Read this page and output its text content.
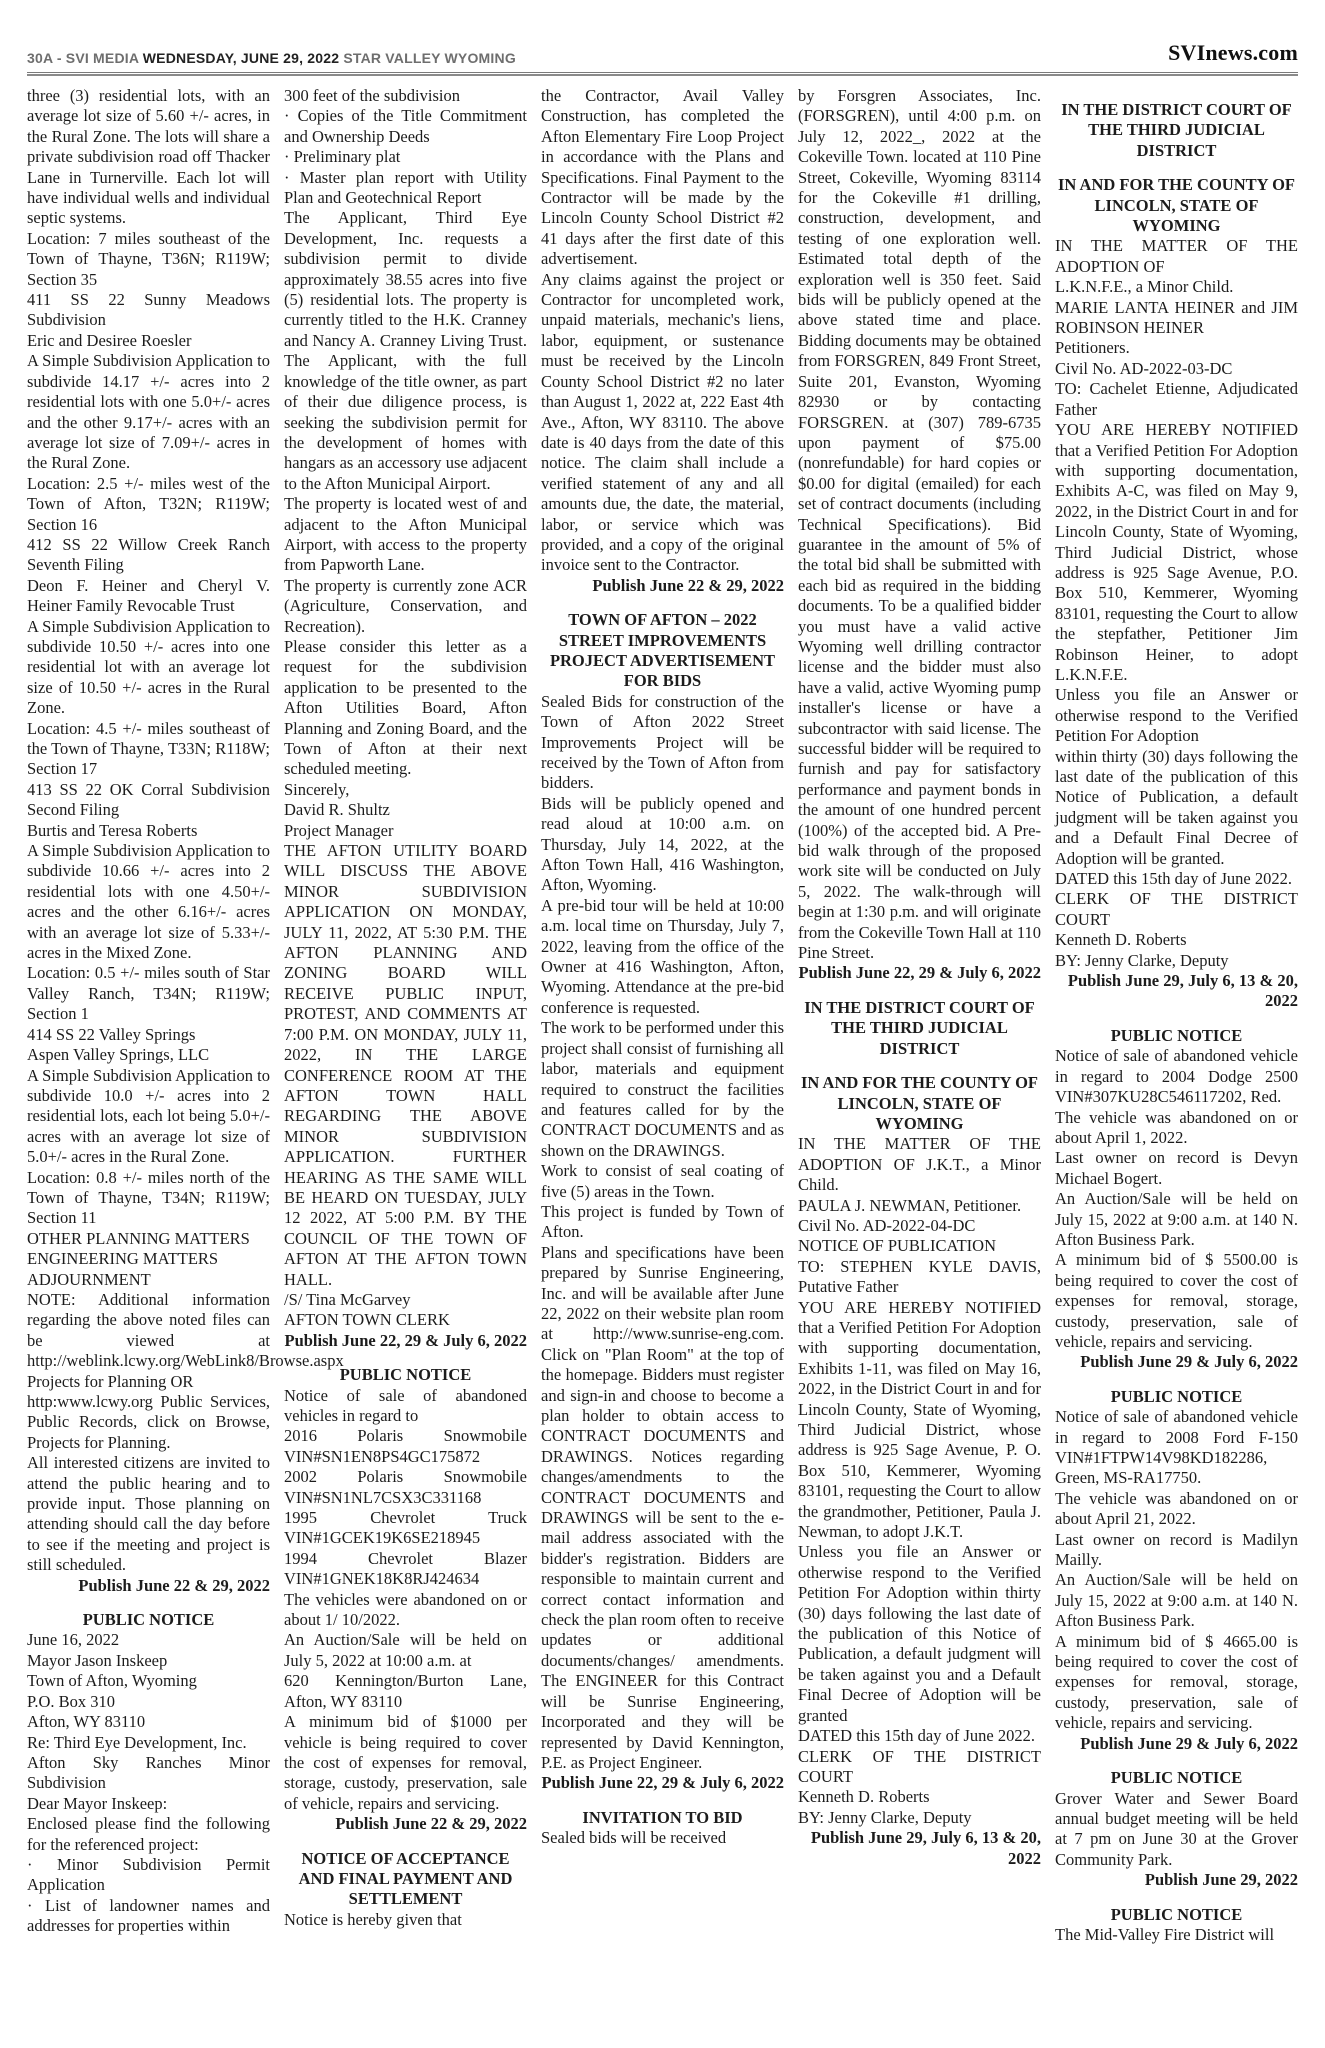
30A - SVI MEDIA WEDNESDAY, JUNE 29, 2022 STAR VALLEY WYOMING	SVInews.com

three (3) residential lots, with an average lot size of 5.60 +/- acres, in the Rural Zone. The lots will share a private subdivision road off Thacker Lane in Turnerville. Each lot will have individual wells and individual septic systems.

Location: 7 miles southeast of the Town of Thayne, T36N; R119W; Section 35

411 SS 22 Sunny Meadows Subdivision

Eric and Desiree Roesler

A Simple Subdivision Application to subdivide 14.17 +/- acres into 2 residential lots with one 5.0+/- acres and the other 9.17+/- acres with an average lot size of 7.09+/- acres in the Rural Zone.

Location: 2.5 +/- miles west of the Town of Afton, T32N; R119W; Section 16

412 SS 22 Willow Creek Ranch Seventh Filing

Deon F. Heiner and Cheryl V. Heiner Family Revocable Trust

A Simple Subdivision Application to subdivide 10.50 +/- acres into one residential lot with an average lot size of 10.50 +/- acres in the Rural Zone.

Location: 4.5 +/- miles southeast of the Town of Thayne, T33N; R118W; Section 17

413 SS 22 OK Corral Subdivision Second Filing

Burtis and Teresa Roberts

A Simple Subdivision Application to subdivide 10.66 +/- acres into 2 residential lots with one 4.50+/- acres and the other 6.16+/- acres with an average lot size of 5.33+/- acres in the Mixed Zone.

Location: 0.5 +/- miles south of Star Valley Ranch, T34N; R119W; Section 1

414 SS 22 Valley Springs

Aspen Valley Springs, LLC

A Simple Subdivision Application to subdivide 10.0 +/- acres into 2 residential lots, each lot being 5.0+/- acres with an average lot size of 5.0+/- acres in the Rural Zone.

Location: 0.8 +/- miles north of the Town of Thayne, T34N; R119W; Section 11

OTHER PLANNING MATTERS

ENGINEERING MATTERS

ADJOURNMENT

NOTE: Additional information regarding the above noted files can be viewed at http://weblink.lcwy.org/WebLink8/Browse.aspx Projects for Planning OR

http:www.lcwy.org Public Services, Public Records, click on Browse, Projects for Planning.

All interested citizens are invited to attend the public hearing and to provide input. Those planning on attending should call the day before to see if the meeting and project is still scheduled.

Publish June 22 & 29, 2022

PUBLIC NOTICE

June 16, 2022

Mayor Jason Inskeep

Town of Afton, Wyoming

P.O. Box 310

Afton, WY 83110

Re: Third Eye Development, Inc.

Afton Sky Ranches Minor Subdivision

Dear Mayor Inskeep:

Enclosed please find the following for the referenced project:

· Minor Subdivision Permit Application

· List of landowner names and addresses for properties within

300 feet of the subdivision

· Copies of the Title Commitment and Ownership Deeds

· Preliminary plat

· Master plan report with Utility Plan and Geotechnical Report

The Applicant, Third Eye Development, Inc. requests a subdivision permit to divide approximately 38.55 acres into five (5) residential lots. The property is currently titled to the H.K. Cranney and Nancy A. Cranney Living Trust. The Applicant, with the full knowledge of the title owner, as part of their due diligence process, is seeking the subdivision permit for the development of homes with hangars as an accessory use adjacent to the Afton Municipal Airport.

The property is located west of and adjacent to the Afton Municipal Airport, with access to the property from Papworth Lane.

The property is currently zone ACR (Agriculture, Conservation, and Recreation).

Please consider this letter as a request for the subdivision application to be presented to the Afton Utilities Board, Afton Planning and Zoning Board, and the Town of Afton at their next scheduled meeting.

Sincerely,

David R. Shultz

Project Manager

THE AFTON UTILITY BOARD WILL DISCUSS THE ABOVE MINOR SUBDIVISION APPLICATION ON MONDAY, JULY 11, 2022, AT 5:30 P.M. THE AFTON PLANNING AND ZONING BOARD WILL RECEIVE PUBLIC INPUT, PROTEST, AND COMMENTS AT 7:00 P.M. ON MONDAY, JULY 11, 2022, IN THE LARGE CONFERENCE ROOM AT THE AFTON TOWN HALL REGARDING THE ABOVE MINOR SUBDIVISION APPLICATION. FURTHER HEARING AS THE SAME WILL BE HEARD ON TUESDAY, JULY 12 2022, AT 5:00 P.M. BY THE COUNCIL OF THE TOWN OF AFTON AT THE AFTON TOWN HALL.

/S/ Tina McGarvey

AFTON TOWN CLERK

Publish June 22, 29 & July 6, 2022

PUBLIC NOTICE

Notice of sale of abandoned vehicles in regard to

2016 Polaris Snowmobile VIN#SN1EN8PS4GC175872

2002 Polaris Snowmobile VIN#SN1NL7CSX3C331168

1995 Chevrolet Truck VIN#1GCEK19K6SE218945

1994 Chevrolet Blazer VIN#1GNEK18K8RJ424634

The vehicles were abandoned on or about 1/ 10/2022.

An Auction/Sale will be held on July 5, 2022 at 10:00 a.m. at

620 Kennington/Burton Lane, Afton, WY 83110

A minimum bid of $1000 per vehicle is being required to cover the cost of expenses for removal, storage, custody, preservation, sale of vehicle, repairs and servicing.

Publish June 22 & 29, 2022

NOTICE OF ACCEPTANCE AND FINAL PAYMENT AND SETTLEMENT

Notice is hereby given that

the Contractor, Avail Valley Construction, has completed the Afton Elementary Fire Loop Project in accordance with the Plans and Specifications. Final Payment to the Contractor will be made by the Lincoln County School District #2 41 days after the first date of this advertisement.

Any claims against the project or Contractor for uncompleted work, unpaid materials, mechanic's liens, labor, equipment, or sustenance must be received by the Lincoln County School District #2 no later than August 1, 2022 at, 222 East 4th Ave., Afton, WY 83110. The above date is 40 days from the date of this notice. The claim shall include a verified statement of any and all amounts due, the date, the material, labor, or service which was provided, and a copy of the original invoice sent to the Contractor.

Publish June 22 & 29, 2022

TOWN OF AFTON – 2022 STREET IMPROVEMENTS PROJECT ADVERTISEMENT FOR BIDS

Sealed Bids for construction of the Town of Afton 2022 Street Improvements Project will be received by the Town of Afton from bidders.

Bids will be publicly opened and read aloud at 10:00 a.m. on Thursday, July 14, 2022, at the Afton Town Hall, 416 Washington, Afton, Wyoming.

A pre-bid tour will be held at 10:00 a.m. local time on Thursday, July 7, 2022, leaving from the office of the Owner at 416 Washington, Afton, Wyoming. Attendance at the pre-bid conference is requested.

The work to be performed under this project shall consist of furnishing all labor, materials and equipment required to construct the facilities and features called for by the CONTRACT DOCUMENTS and as shown on the DRAWINGS.

Work to consist of seal coating of five (5) areas in the Town.

This project is funded by Town of Afton.

Plans and specifications have been prepared by Sunrise Engineering, Inc. and will be available after June 22, 2022 on their website plan room at http://www.sunrise-eng.com. Click on "Plan Room" at the top of the homepage. Bidders must register and sign-in and choose to become a plan holder to obtain access to CONTRACT DOCUMENTS and DRAWINGS. Notices regarding changes/amendments to the CONTRACT DOCUMENTS and DRAWINGS will be sent to the e-mail address associated with the bidder's registration. Bidders are responsible to maintain current and correct contact information and check the plan room often to receive updates or additional documents/changes/ amendments. The ENGINEER for this Contract will be Sunrise Engineering, Incorporated and they will be represented by David Kennington, P.E. as Project Engineer.

Publish June 22, 29 & July 6, 2022

INVITATION TO BID

Sealed bids will be received

by Forsgren Associates, Inc. (FORSGREN), until 4:00 p.m. on July 12, 2022_, 2022 at the Cokeville Town. located at 110 Pine Street, Cokeville, Wyoming 83114 for the Cokeville #1 drilling, construction, development, and testing of one exploration well. Estimated total depth of the exploration well is 350 feet. Said bids will be publicly opened at the above stated time and place. Bidding documents may be obtained from FORSGREN, 849 Front Street, Suite 201, Evanston, Wyoming 82930 or by contacting FORSGREN. at (307) 789-6735 upon payment of $75.00 (nonrefundable) for hard copies or $0.00 for digital (emailed) for each set of contract documents (including Technical Specifications). Bid guarantee in the amount of 5% of the total bid shall be submitted with each bid as required in the bidding documents. To be a qualified bidder you must have a valid active Wyoming well drilling contractor license and the bidder must also have a valid, active Wyoming pump installer's license or have a subcontractor with said license. The successful bidder will be required to furnish and pay for satisfactory performance and payment bonds in the amount of one hundred percent (100%) of the accepted bid. A Pre-bid walk through of the proposed work site will be conducted on July 5, 2022. The walk-through will begin at 1:30 p.m. and will originate from the Cokeville Town Hall at 110 Pine Street.

Publish June 22, 29 & July 6, 2022

IN THE DISTRICT COURT OF THE THIRD JUDICIAL DISTRICT

IN AND FOR THE COUNTY OF LINCOLN, STATE OF WYOMING

IN THE MATTER OF THE ADOPTION OF J.K.T., a Minor Child.

PAULA J. NEWMAN, Petitioner.

Civil No. AD-2022-04-DC

NOTICE OF PUBLICATION

TO: STEPHEN KYLE DAVIS, Putative Father

YOU ARE HEREBY NOTIFIED that a Verified Petition For Adoption with supporting documentation, Exhibits 1-11, was filed on May 16, 2022, in the District Court in and for Lincoln County, State of Wyoming, Third Judicial District, whose address is 925 Sage Avenue, P. O. Box 510, Kemmerer, Wyoming 83101, requesting the Court to allow the grandmother, Petitioner, Paula J. Newman, to adopt J.K.T.

Unless you file an Answer or otherwise respond to the Verified Petition For Adoption within thirty (30) days following the last date of the publication of this Notice of Publication, a default judgment will be taken against you and a Default Final Decree of Adoption will be granted

DATED this 15th day of June 2022.

CLERK OF THE DISTRICT COURT

Kenneth D. Roberts

BY: Jenny Clarke, Deputy

Publish June 29, July 6, 13 & 20, 2022

IN THE DISTRICT COURT OF THE THIRD JUDICIAL DISTRICT

IN AND FOR THE COUNTY OF LINCOLN, STATE OF WYOMING

IN THE MATTER OF THE ADOPTION OF

L.K.N.F.E., a Minor Child.

MARIE LANTA HEINER and JIM ROBINSON HEINER

Petitioners.

Civil No. AD-2022-03-DC

TO: Cachelet Etienne, Adjudicated Father

YOU ARE HEREBY NOTIFIED that a Verified Petition For Adoption with supporting documentation, Exhibits A-C, was filed on May 9, 2022, in the District Court in and for Lincoln County, State of Wyoming, Third Judicial District, whose address is 925 Sage Avenue, P.O. Box 510, Kemmerer, Wyoming 83101, requesting the Court to allow the stepfather, Petitioner Jim Robinson Heiner, to adopt L.K.N.F.E.

Unless you file an Answer or otherwise respond to the Verified Petition For Adoption

within thirty (30) days following the last date of the publication of this Notice of Publication, a default judgment will be taken against you and a Default Final Decree of Adoption will be granted.

DATED this 15th day of June 2022.

CLERK OF THE DISTRICT COURT

Kenneth D. Roberts

BY: Jenny Clarke, Deputy

Publish June 29, July 6, 13 & 20, 2022

PUBLIC NOTICE

Notice of sale of abandoned vehicle in regard to 2004 Dodge 2500 VIN#307KU28C546117202, Red.

The vehicle was abandoned on or about April 1, 2022.

Last owner on record is Devyn Michael Bogert.

An Auction/Sale will be held on July 15, 2022 at 9:00 a.m. at 140 N. Afton Business Park.

A minimum bid of $ 5500.00 is being required to cover the cost of expenses for removal, storage, custody, preservation, sale of vehicle, repairs and servicing.

Publish June 29 & July 6, 2022

PUBLIC NOTICE

Notice of sale of abandoned vehicle in regard to 2008 Ford F-150 VIN#1FTPW14V98KD182286, Green, MS-RA17750.

The vehicle was abandoned on or about April 21, 2022.

Last owner on record is Madilyn Mailly.

An Auction/Sale will be held on July 15, 2022 at 9:00 a.m. at 140 N. Afton Business Park.

A minimum bid of $ 4665.00 is being required to cover the cost of expenses for removal, storage, custody, preservation, sale of vehicle, repairs and servicing.

Publish June 29 & July 6, 2022

PUBLIC NOTICE

Grover Water and Sewer Board annual budget meeting will be held at 7 pm on June 30 at the Grover Community Park.

Publish June 29, 2022

PUBLIC NOTICE

The Mid-Valley Fire District will
